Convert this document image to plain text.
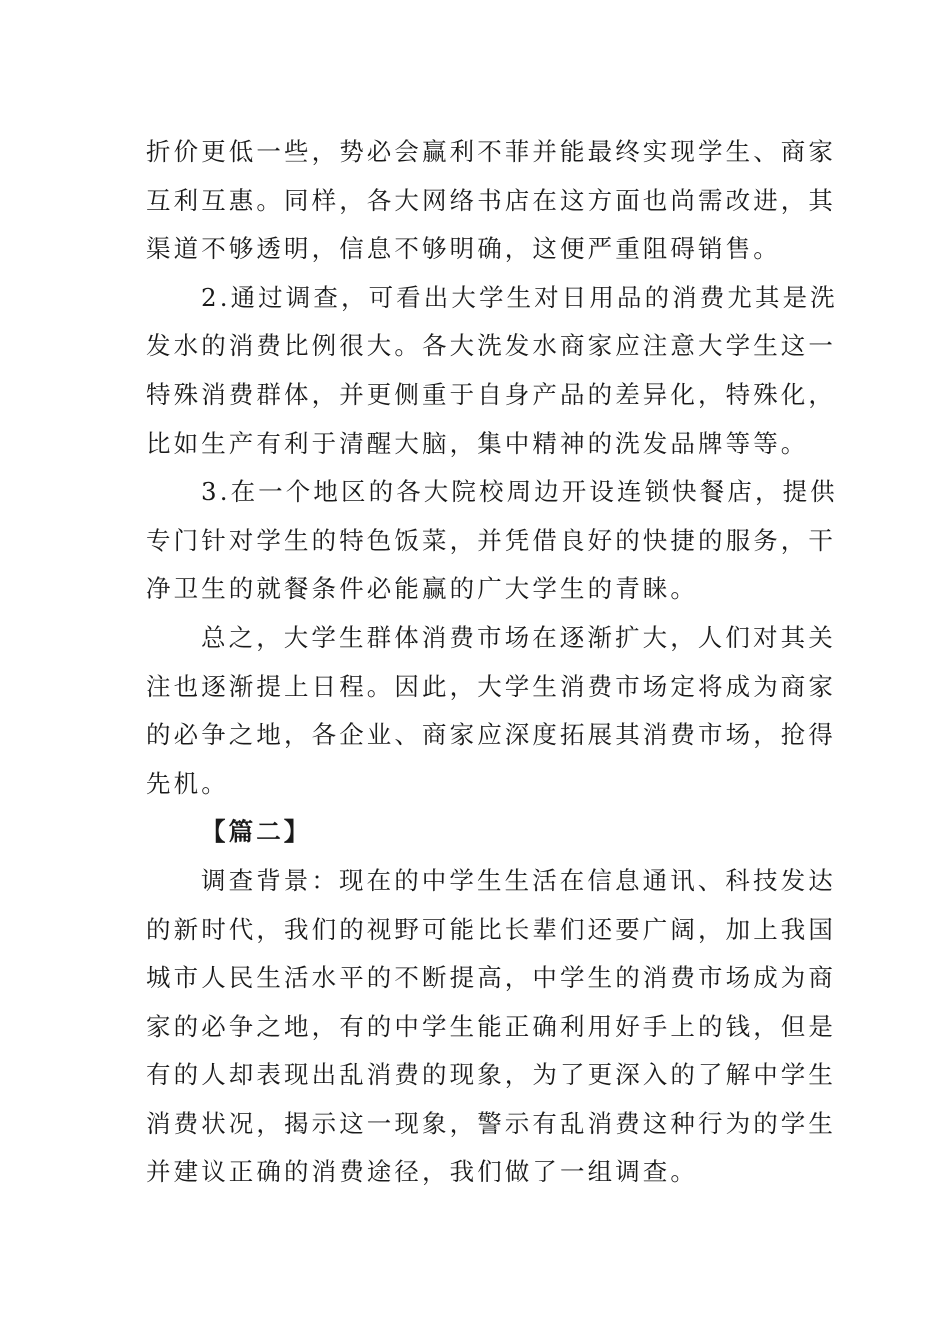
折价更低一些，势必会赢利不菲并能最终实现学生、商家
互利互惠。同样，各大网络书店在这方面也尚需改进，其
渠道不够透明，信息不够明确，这便严重阻碍销售。
2.通过调查，可看出大学生对日用品的消费尤其是洗
发水的消费比例很大。各大洗发水商家应注意大学生这一
特殊消费群体，并更侧重于自身产品的差异化，特殊化，
比如生产有利于清醒大脑，集中精神的洗发品牌等等。
3.在一个地区的各大院校周边开设连锁快餐店，提供
专门针对学生的特色饭菜，并凭借良好的快捷的服务，干
净卫生的就餐条件必能赢的广大学生的青睐。
总之，大学生群体消费市场在逐渐扩大，人们对其关
注也逐渐提上日程。因此，大学生消费市场定将成为商家
的必争之地，各企业、商家应深度拓展其消费市场，抢得
先机。
【篇二】
调查背景：现在的中学生生活在信息通讯、科技发达
的新时代，我们的视野可能比长辈们还要广阔，加上我国
城市人民生活水平的不断提高，中学生的消费市场成为商
家的必争之地，有的中学生能正确利用好手上的钱，但是
有的人却表现出乱消费的现象，为了更深入的了解中学生
消费状况，揭示这一现象，警示有乱消费这种行为的学生
并建议正确的消费途径，我们做了一组调查。
